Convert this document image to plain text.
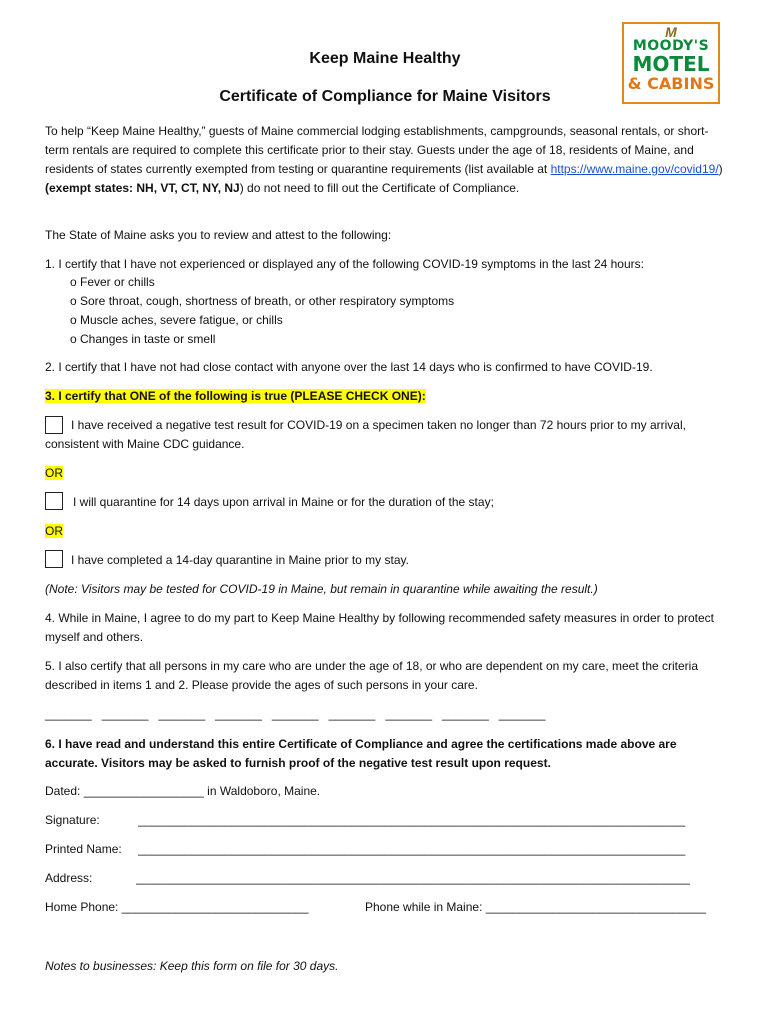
M
MOODY'S
MOTEL
& CABINS
Keep Maine Healthy
Certificate of Compliance for Maine Visitors

To help “Keep Maine Healthy,” guests of Maine commercial lodging establishments, campgrounds, seasonal rentals, or short-term rentals are required to complete this certificate prior to their stay. Guests under the age of 18, residents of Maine, and residents of states currently exempted from testing or quarantine requirements (list available at https://www.maine.gov/covid19/) (exempt states: NH, VT, CT, NY, NJ) do not need to fill out the Certificate of Compliance.

The State of Maine asks you to review and attest to the following:

1. I certify that I have not experienced or displayed any of the following COVID-19 symptoms in the last 24 hours:

o Fever or chills

o Sore throat, cough, shortness of breath, or other respiratory symptoms

o Muscle aches, severe fatigue, or chills

o Changes in taste or smell

2. I certify that I have not had close contact with anyone over the last 14 days who is confirmed to have COVID-19.

3. I certify that ONE of the following is true (PLEASE CHECK ONE):

I have received a negative test result for COVID-19 on a specimen taken no longer than 72 hours prior to my arrival, consistent with Maine CDC guidance.

OR

I will quarantine for 14 days upon arrival in Maine or for the duration of the stay;

OR

I have completed a 14-day quarantine in Maine prior to my stay.

(Note: Visitors may be tested for COVID-19 in Maine, but remain in quarantine while awaiting the result.)

4. While in Maine, I agree to do my part to Keep Maine Healthy by following recommended safety measures in order to protect myself and others.

5. I also certify that all persons in my care who are under the age of 18, or who are dependent on my care, meet the criteria described in items 1 and 2. Please provide the ages of such persons in your care.

_______   _______   _______   _______   _______   _______   _______   _______   _______

6. I have read and understand this entire Certificate of Compliance and agree the certifications made above are accurate. Visitors may be asked to furnish proof of the negative test result upon request.

Dated: __________________ in Waldoboro, Maine.

Signature:	__________________________________________________________________________________

Printed Name: __________________________________________________________________________________

Address:	___________________________________________________________________________________

Home Phone: ____________________________	Phone while in Maine: _________________________________

Notes to businesses: Keep this form on file for 30 days.
